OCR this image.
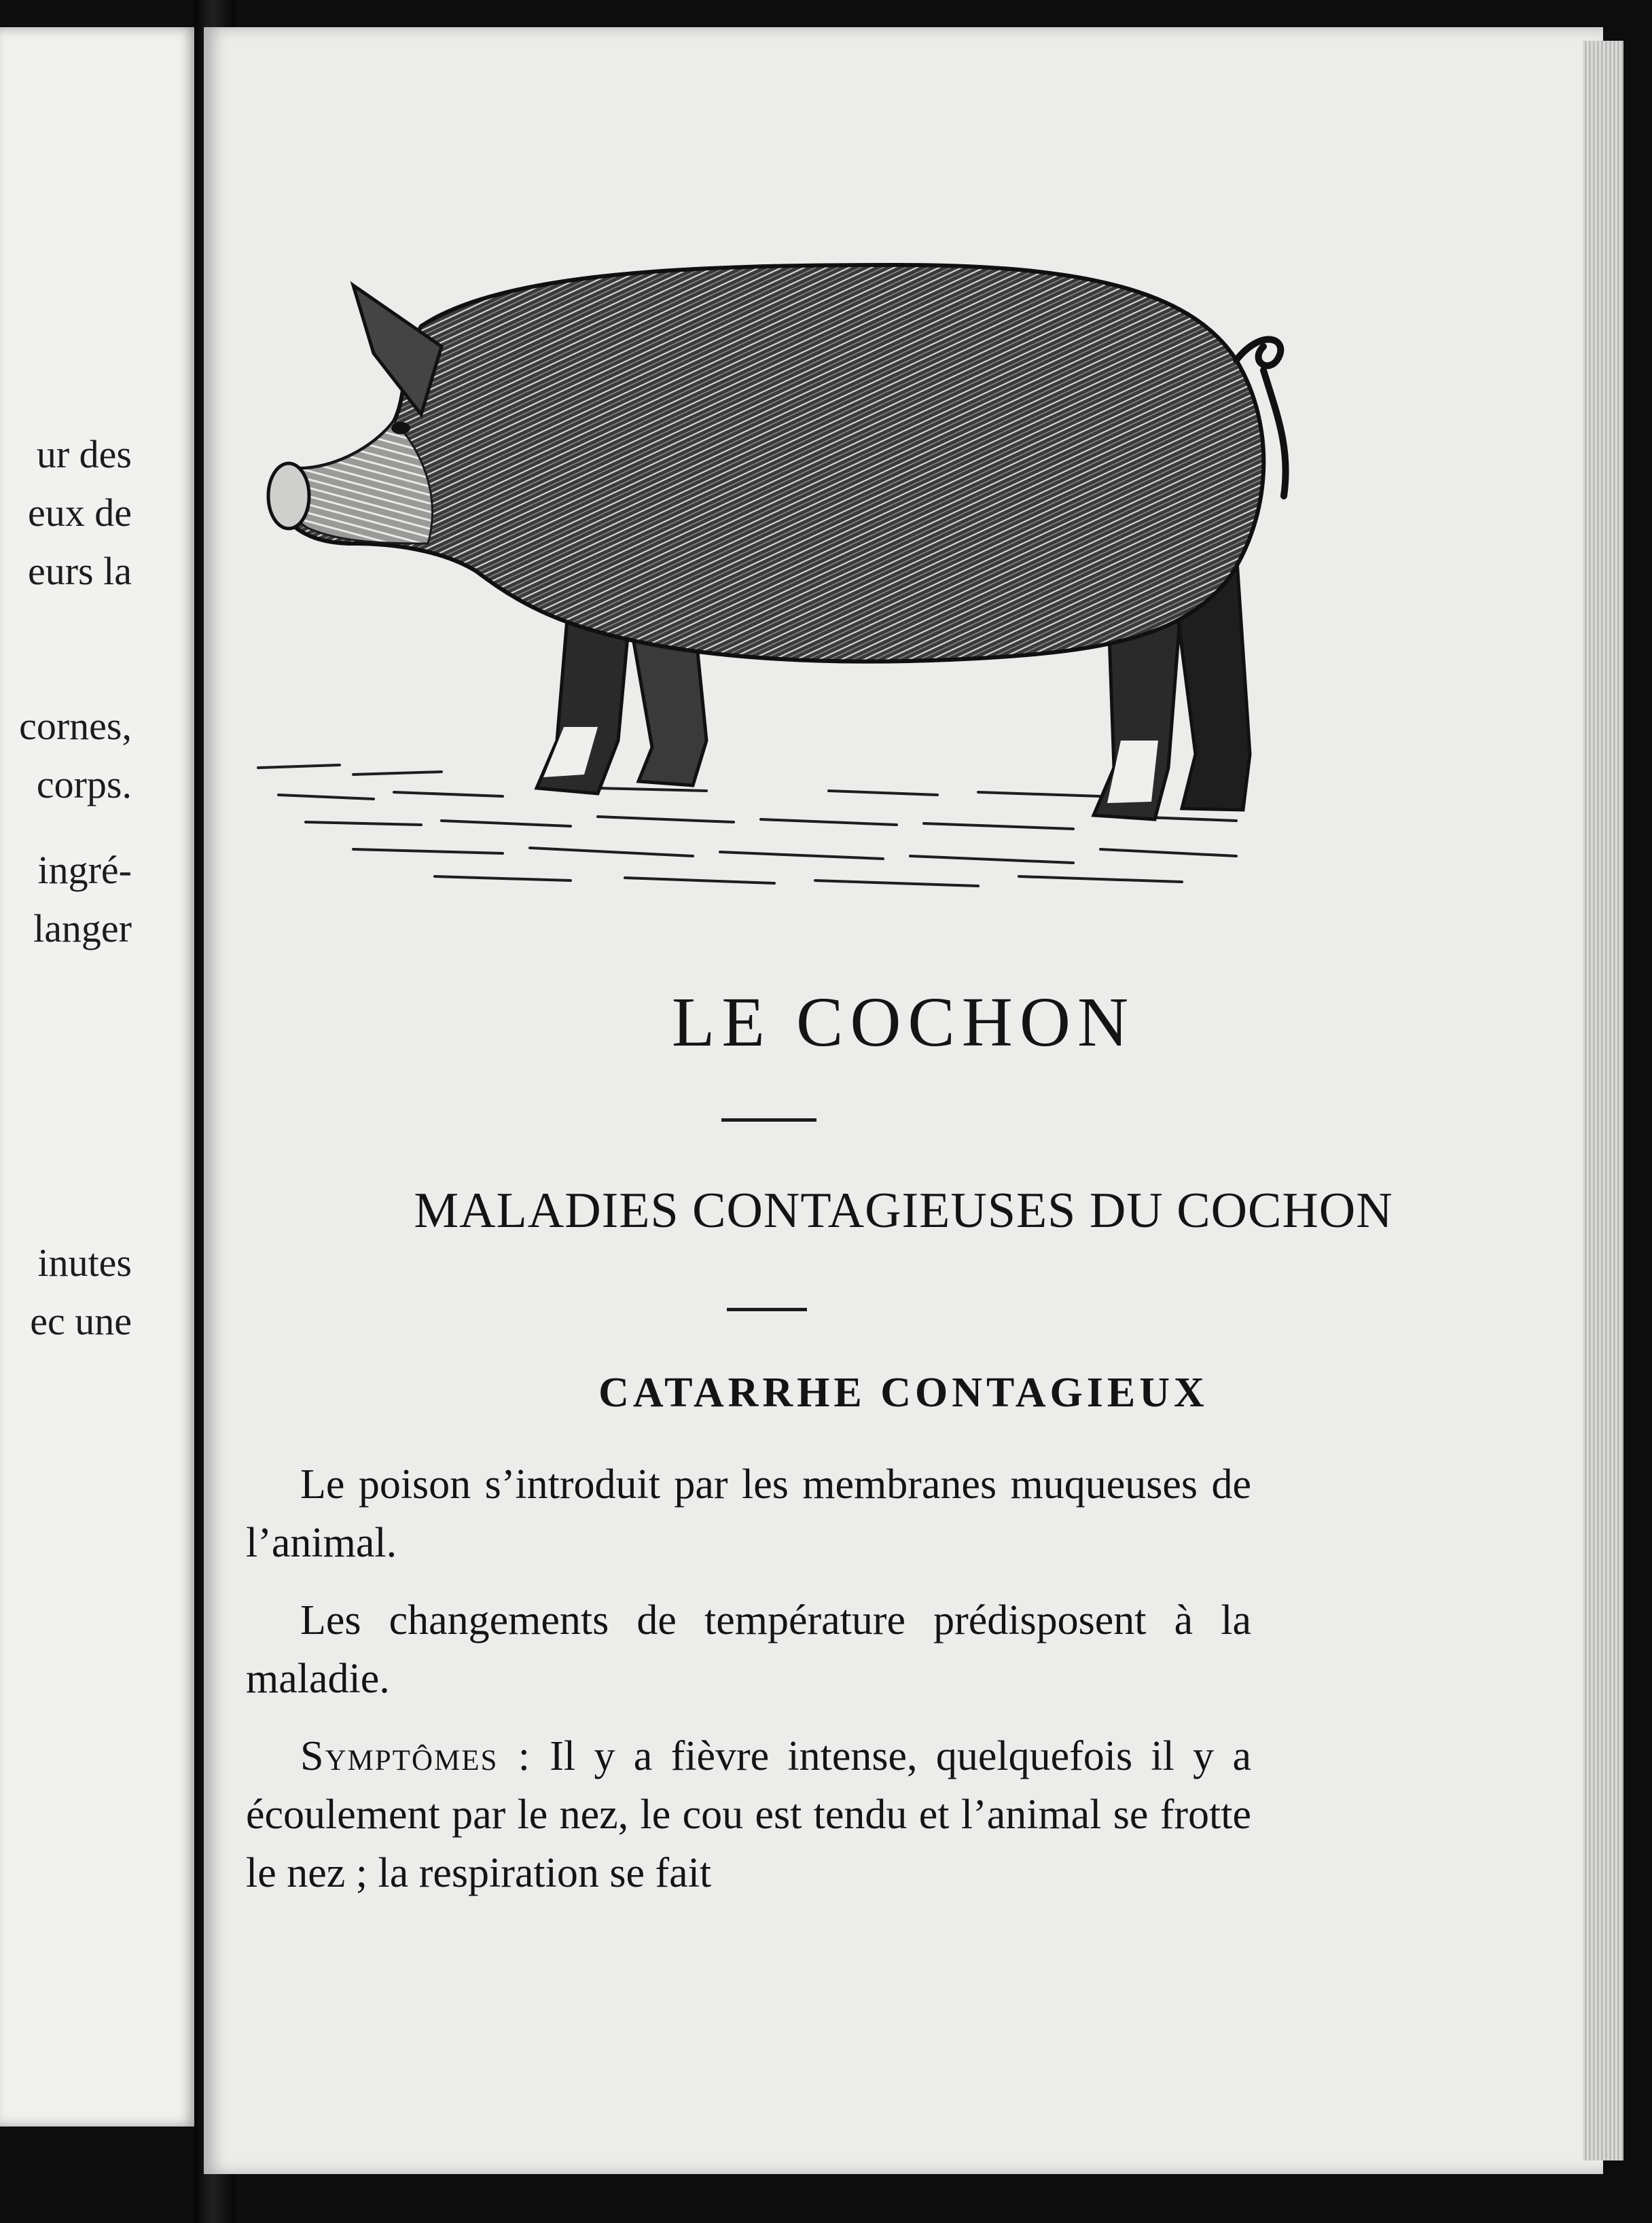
ur des
eux de
eurs la
cornes,
corps.
ingré-
langer
inutes
ec une
LE COCHON
MALADIES CONTAGIEUSES DU COCHON
CATARRHE CONTAGIEUX

Le poison s’introduit par les membranes muqueuses de l’animal.

Les changements de température prédisposent à la maladie.

Symptômes : Il y a fièvre intense, quelquefois il y a écoulement par le nez, le cou est tendu et l’animal se frotte le nez ; la respiration se fait
